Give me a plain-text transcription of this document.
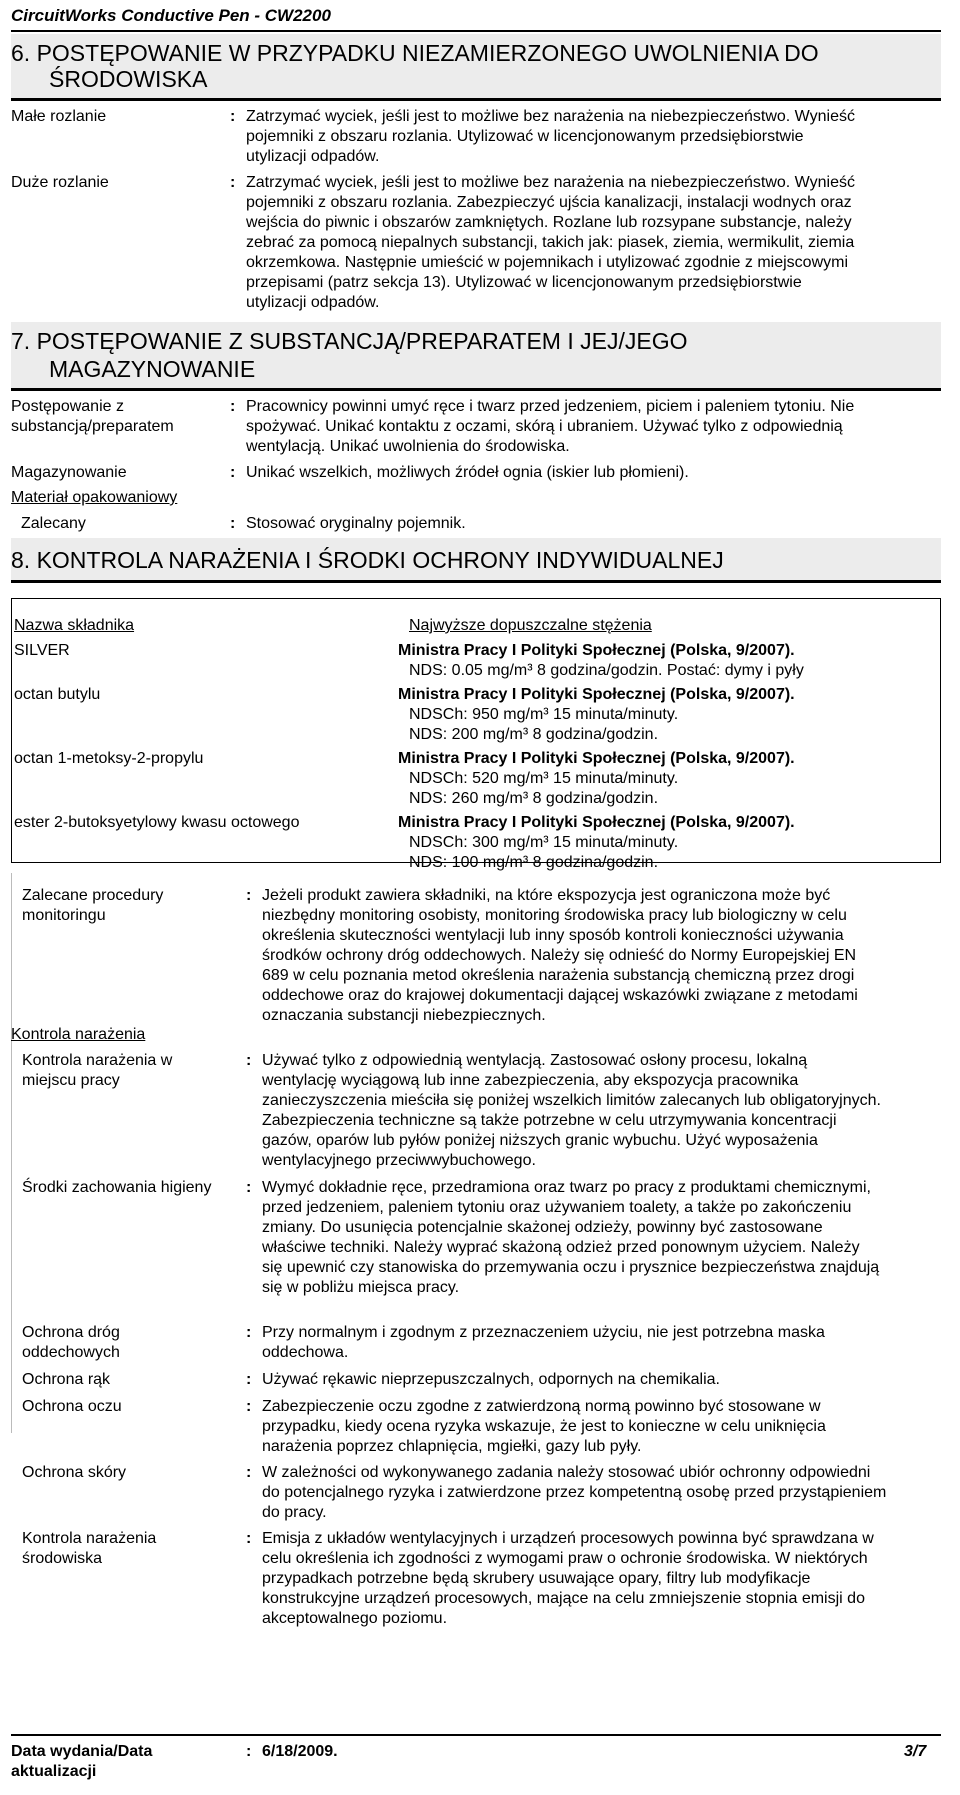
CircuitWorks Conductive Pen - CW2200
6. POSTĘPOWANIE W PRZYPADKU NIEZAMIERZONEGO UWOLNIENIA DO
ŚRODOWISKA
Małe rozlanie	: Zatrzymać wyciek, jeśli jest to możliwe bez narażenia na niebezpieczeństwo. Wynieść
pojemniki z obszaru rozlania. Utylizować w licencjonowanym przedsiębiorstwie
utylizacji odpadów.
Duże rozlanie	: Zatrzymać wyciek, jeśli jest to możliwe bez narażenia na niebezpieczeństwo. Wynieść
pojemniki z obszaru rozlania. Zabezpieczyć ujścia kanalizacji, instalacji wodnych oraz
wejścia do piwnic i obszarów zamkniętych. Rozlane lub rozsypane substancje, należy
zebrać za pomocą niepalnych substancji, takich jak: piasek, ziemia, wermikulit, ziemia
okrzemkowa. Następnie umieścić w pojemnikach i utylizować zgodnie z miejscowymi
przepisami (patrz sekcja 13). Utylizować w licencjonowanym przedsiębiorstwie
utylizacji odpadów.
7. POSTĘPOWANIE Z SUBSTANCJĄ/PREPARATEM I JEJ/JEGO
MAGAZYNOWANIE
Postępowanie z
substancją/preparatem
: Pracownicy powinni umyć ręce i twarz przed jedzeniem, piciem i paleniem tytoniu. Nie
spożywać. Unikać kontaktu z oczami, skórą i ubraniem. Używać tylko z odpowiednią
wentylacją. Unikać uwolnienia do środowiska.
Magazynowanie	: Unikać wszelkich, możliwych źródeł ognia (iskier lub płomieni).
Materiał opakowaniowy
Zalecany	: Stosować oryginalny pojemnik.
8. KONTROLA NARAŻENIA I ŚRODKI OCHRONY INDYWIDUALNEJ
Nazwa składnika	Najwyższe dopuszczalne stężenia
SILVER	Ministra Pracy I Polityki Społecznej (Polska, 9/2007).
NDS: 0.05 mg/m³ 8 godzina/godzin. Postać: dymy i pyły
octan butylu	Ministra Pracy I Polityki Społecznej (Polska, 9/2007).
NDSCh: 950 mg/m³ 15 minuta/minuty.
NDS: 200 mg/m³ 8 godzina/godzin.
octan 1-metoksy-2-propylu	Ministra Pracy I Polityki Społecznej (Polska, 9/2007).
NDSCh: 520 mg/m³ 15 minuta/minuty.
NDS: 260 mg/m³ 8 godzina/godzin.
ester 2-butoksyetylowy kwasu octowego	Ministra Pracy I Polityki Społecznej (Polska, 9/2007).
NDSCh: 300 mg/m³ 15 minuta/minuty.
NDS: 100 mg/m³ 8 godzina/godzin.
Zalecane procedury
monitoringu
: Jeżeli produkt zawiera składniki, na które ekspozycja jest ograniczona może być
niezbędny monitoring osobisty, monitoring środowiska pracy lub biologiczny w celu
określenia skuteczności wentylacji lub inny sposób kontroli konieczności używania
środków ochrony dróg oddechowych. Należy się odnieść do Normy Europejskiej EN
689 w celu poznania metod określenia narażenia substancją chemiczną przez drogi
oddechowe oraz do krajowej dokumentacji dającej wskazówki związane z metodami
oznaczania substancji niebezpiecznych.
Kontrola narażenia
Kontrola narażenia w
miejscu pracy
: Używać tylko z odpowiednią wentylacją. Zastosować osłony procesu, lokalną
wentylację wyciągową lub inne zabezpieczenia, aby ekspozycja pracownika
zanieczyszczenia mieściła się poniżej wszelkich limitów zalecanych lub obligatoryjnych.
Zabezpieczenia techniczne są także potrzebne w celu utrzymywania koncentracji
gazów, oparów lub pyłów poniżej niższych granic wybuchu. Użyć wyposażenia
wentylacyjnego przeciwwybuchowego.
Środki zachowania higieny : Wymyć dokładnie ręce, przedramiona oraz twarz po pracy z produktami chemicznymi,
przed jedzeniem, paleniem tytoniu oraz używaniem toalety, a także po zakończeniu
zmiany. Do usunięcia potencjalnie skażonej odzieży, powinny być zastosowane
właściwe techniki. Należy wyprać skażoną odzież przed ponownym użyciem. Należy
się upewnić czy stanowiska do przemywania oczu i prysznice bezpieczeństwa znajdują
się w pobliżu miejsca pracy.
Ochrona dróg
oddechowych
: Przy normalnym i zgodnym z przeznaczeniem użyciu, nie jest potrzebna maska
oddechowa.
Ochrona rąk	: Używać rękawic nieprzepuszczalnych, odpornych na chemikalia.
Ochrona oczu	: Zabezpieczenie oczu zgodne z zatwierdzoną normą powinno być stosowane w
przypadku, kiedy ocena ryzyka wskazuje, że jest to konieczne w celu uniknięcia
narażenia poprzez chlapnięcia, mgiełki, gazy lub pyły.
Ochrona skóry	: W zależności od wykonywanego zadania należy stosować ubiór ochronny odpowiedni
do potencjalnego ryzyka i zatwierdzone przez kompetentną osobę przed przystąpieniem
do pracy.
Kontrola narażenia
środowiska
: Emisja z układów wentylacyjnych i urządzeń procesowych powinna być sprawdzana w
celu określenia ich zgodności z wymogami praw o ochronie środowiska. W niektórych
przypadkach potrzebne będą skrubery usuwające opary, filtry lub modyfikacje
konstrukcyjne urządzeń procesowych, mające na celu zmniejszenie stopnia emisji do
akceptowalnego poziomu.
Data wydania/Data
aktualizacji
: 6/18/2009.	3/7
